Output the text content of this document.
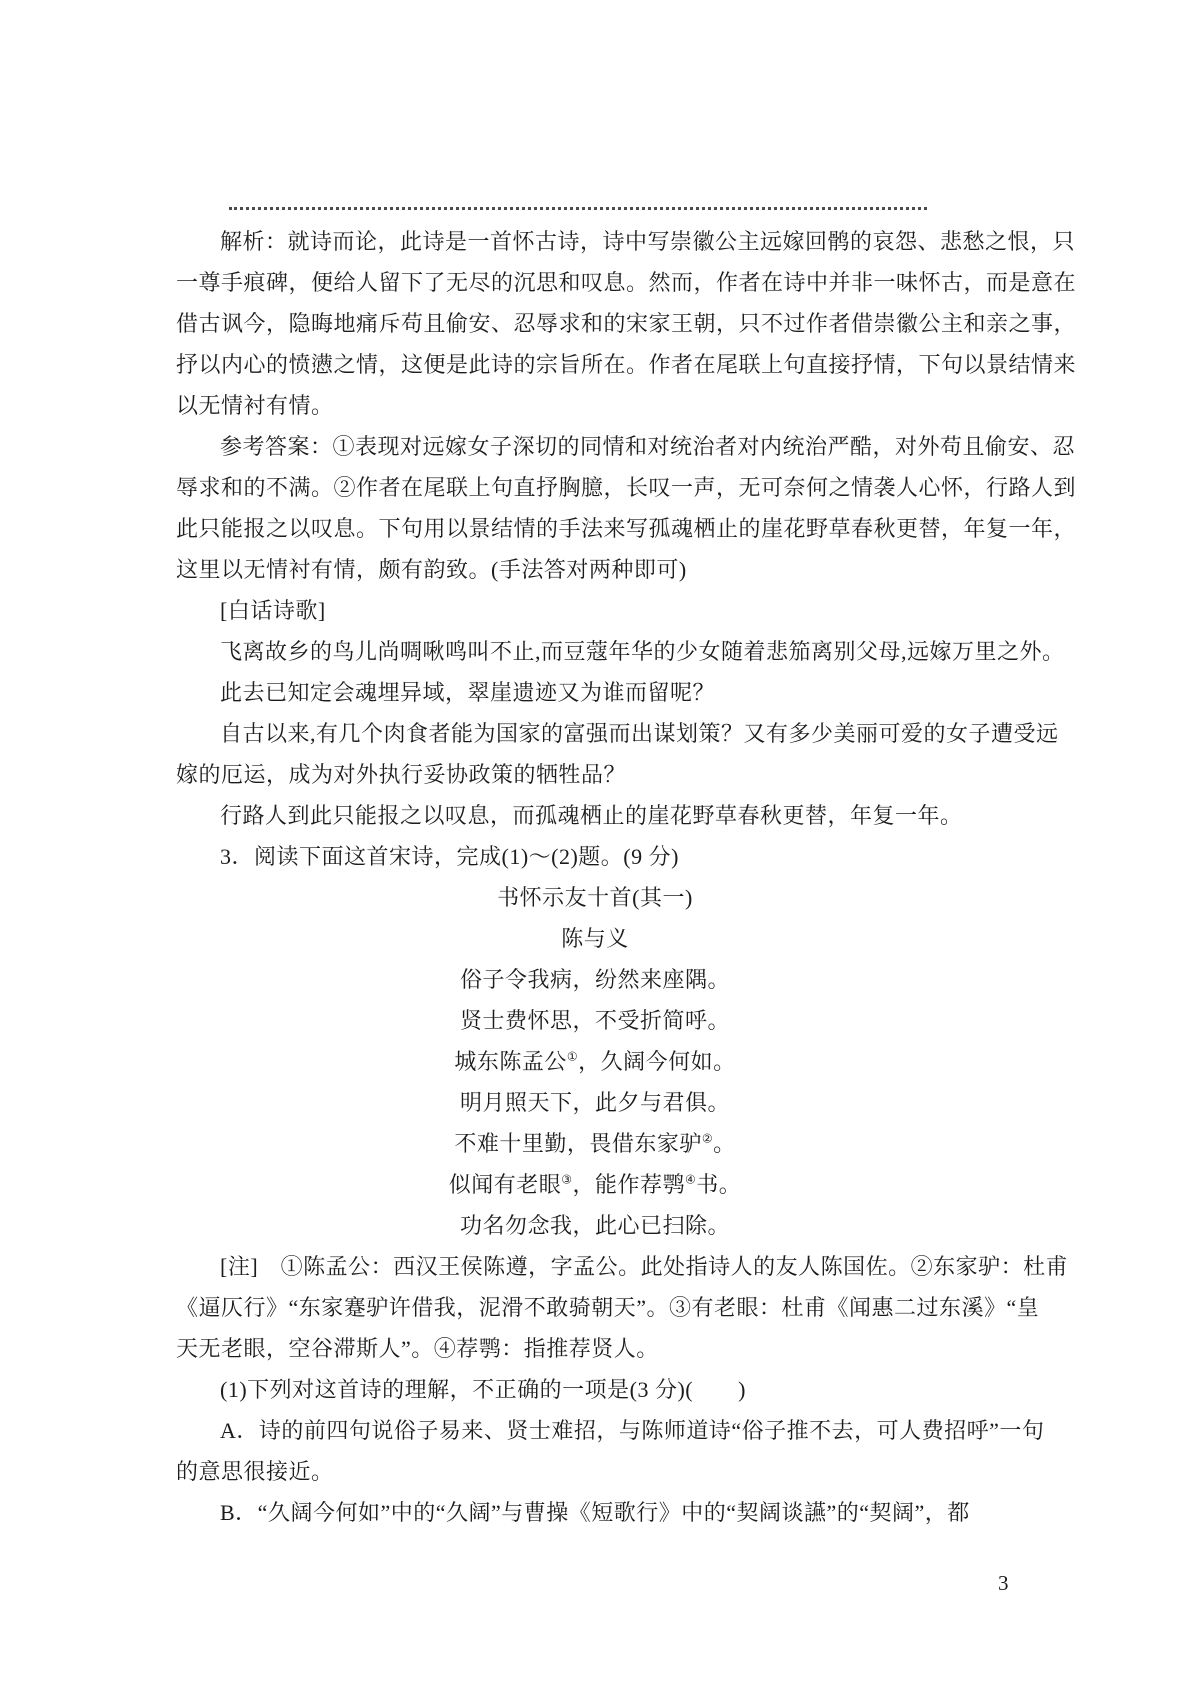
解析：就诗而论，此诗是一首怀古诗，诗中写崇徽公主远嫁回鹘的哀怨、悲愁之恨，只
一尊手痕碑，便给人留下了无尽的沉思和叹息。然而，作者在诗中并非一味怀古，而是意在
借古讽今，隐晦地痛斥苟且偷安、忍辱求和的宋家王朝，只不过作者借崇徽公主和亲之事，
抒以内心的愤懑之情，这便是此诗的宗旨所在。作者在尾联上句直接抒情，下句以景结情来
以无情衬有情。
参考答案：①表现对远嫁女子深切的同情和对统治者对内统治严酷，对外苟且偷安、忍
辱求和的不满。②作者在尾联上句直抒胸臆，长叹一声，无可奈何之情袭人心怀，行路人到
此只能报之以叹息。下句用以景结情的手法来写孤魂栖止的崖花野草春秋更替，年复一年，
这里以无情衬有情，颇有韵致。(手法答对两种即可)
[白话诗歌]
飞离故乡的鸟儿尚啁啾鸣叫不止,而豆蔻年华的少女随着悲笳离别父母,远嫁万里之外。
此去已知定会魂埋异域，翠崖遗迹又为谁而留呢？
自古以来,有几个肉食者能为国家的富强而出谋划策？又有多少美丽可爱的女子遭受远
嫁的厄运，成为对外执行妥协政策的牺牲品？
行路人到此只能报之以叹息，而孤魂栖止的崖花野草春秋更替，年复一年。
3．阅读下面这首宋诗，完成(1)～(2)题。(9 分)
书怀示友十首(其一)
陈与义
俗子令我病，纷然来座隅。
贤士费怀思，不受折简呼。
城东陈孟公①，久阔今何如。
明月照天下，此夕与君俱。
不难十里勤，畏借东家驴②。
似闻有老眼③，能作荐鹗④书。
功名勿念我，此心已扫除。
[注]　①陈孟公：西汉王侯陈遵，字孟公。此处指诗人的友人陈国佐。②东家驴：杜甫
《逼仄行》“东家蹇驴许借我，泥滑不敢骑朝天”。③有老眼：杜甫《闻惠二过东溪》“皇
天无老眼，空谷滞斯人”。④荐鹗：指推荐贤人。
(1)下列对这首诗的理解，不正确的一项是(3 分)(　　)
A．诗的前四句说俗子易来、贤士难招，与陈师道诗“俗子推不去，可人费招呼”一句
的意思很接近。
B．“久阔今何如”中的“久阔”与曹操《短歌行》中的“契阔谈讌”的“契阔”，都
3
